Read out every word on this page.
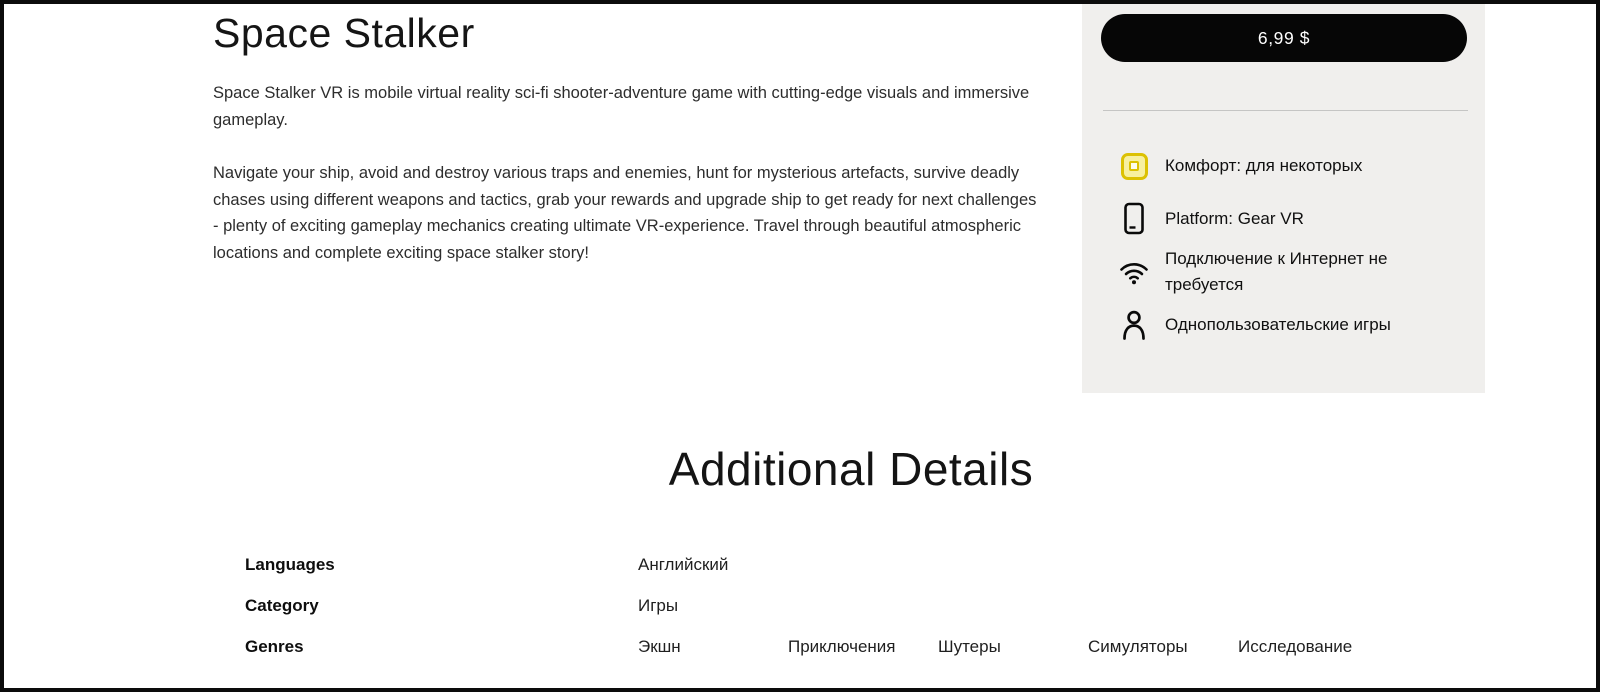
Space Stalker

Space Stalker VR is mobile virtual reality sci-fi shooter-adventure game with cutting-edge visuals and immersive gameplay.

Navigate your ship, avoid and destroy various traps and enemies, hunt for mysterious artefacts, survive deadly chases using different weapons and tactics, grab your rewards and upgrade ship to get ready for next challenges - plenty of exciting gameplay mechanics creating ultimate VR-experience. Travel through beautiful atmospheric locations and complete exciting space stalker story!

6,99 $
Комфорт: для некоторых
Platform: Gear VR
Подключение к Интернет не требуется
Однопользовательские игры
Additional Details
Languages	Английский
Category	Игры
Genres	Экшн	Приключения	Шутеры	Симуляторы	Исследование
